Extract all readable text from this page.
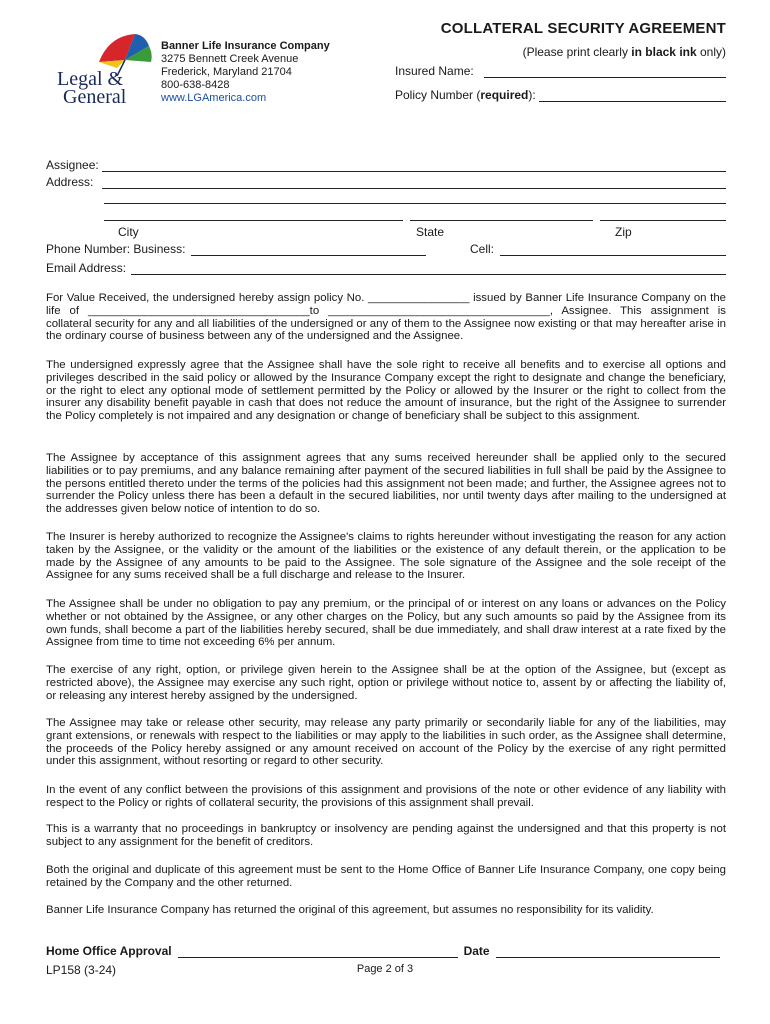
Legal &
General
Banner Life Insurance Company
3275 Bennett Creek Avenue
Frederick, Maryland 21704
800-638-8428
www.LGAmerica.com
COLLATERAL SECURITY AGREEMENT
(Please print clearly in black ink only)
Insured Name:
Policy Number (required):
Assignee:
Address:
City	State	Zip
Phone Number: Business:	Cell:
Email Address:
For Value Received, the undersigned hereby assign policy No. ________________ issued by Banner Life Insurance Company on the life of ___________________________________to ___________________________________, Assignee. This assignment is collateral security for any and all liabilities of the undersigned or any of them to the Assignee now existing or that may hereafter arise in the ordinary course of business between any of the undersigned and the Assignee.
The undersigned expressly agree that the Assignee shall have the sole right to receive all benefits and to exercise all options and privileges described in the said policy or allowed by the Insurance Company except the right to designate and change the beneficiary, or the right to elect any optional mode of settlement permitted by the Policy or allowed by the Insurer or the right to collect from the insurer any disability benefit payable in cash that does not reduce the amount of insurance, but the right of the Assignee to surrender the Policy completely is not impaired and any designation or change of beneficiary shall be subject to this assignment.
The Assignee by acceptance of this assignment agrees that any sums received hereunder shall be applied only to the secured liabilities or to pay premiums, and any balance remaining after payment of the secured liabilities in full shall be paid by the Assignee to the persons entitled thereto under the terms of the policies had this assignment not been made; and further, the Assignee agrees not to surrender the Policy unless there has been a default in the secured liabilities, nor until twenty days after mailing to the undersigned at the addresses given below notice of intention to do so.
The Insurer is hereby authorized to recognize the Assignee's claims to rights hereunder without investigating the reason for any action taken by the Assignee, or the validity or the amount of the liabilities or the existence of any default therein, or the application to be made by the Assignee of any amounts to be paid to the Assignee. The sole signature of the Assignee and the sole receipt of the Assignee for any sums received shall be a full discharge and release to the Insurer.
The Assignee shall be under no obligation to pay any premium, or the principal of or interest on any loans or advances on the Policy whether or not obtained by the Assignee, or any other charges on the Policy, but any such amounts so paid by the Assignee from its own funds, shall become a part of the liabilities hereby secured, shall be due immediately, and shall draw interest at a rate fixed by the Assignee from time to time not exceeding 6% per annum.
The exercise of any right, option, or privilege given herein to the Assignee shall be at the option of the Assignee, but (except as restricted above), the Assignee may exercise any such right, option or privilege without notice to, assent by or affecting the liability of, or releasing any interest hereby assigned by the undersigned.
The Assignee may take or release other security, may release any party primarily or secondarily liable for any of the liabilities, may grant extensions, or renewals with respect to the liabilities or may apply to the liabilities in such order, as the Assignee shall determine, the proceeds of the Policy hereby assigned or any amount received on account of the Policy by the exercise of any right permitted under this assignment, without resorting or regard to other security.
In the event of any conflict between the provisions of this assignment and provisions of the note or other evidence of any liability with respect to the Policy or rights of collateral security, the provisions of this assignment shall prevail.
This is a warranty that no proceedings in bankruptcy or insolvency are pending against the undersigned and that this property is not subject to any assignment for the benefit of creditors.
Both the original and duplicate of this agreement must be sent to the Home Office of Banner Life Insurance Company, one copy being retained by the Company and the other returned.
Banner Life Insurance Company has returned the original of this agreement, but assumes no responsibility for its validity.
Home Office Approval	Date
LP158 (3-24)	Page 2 of 3
